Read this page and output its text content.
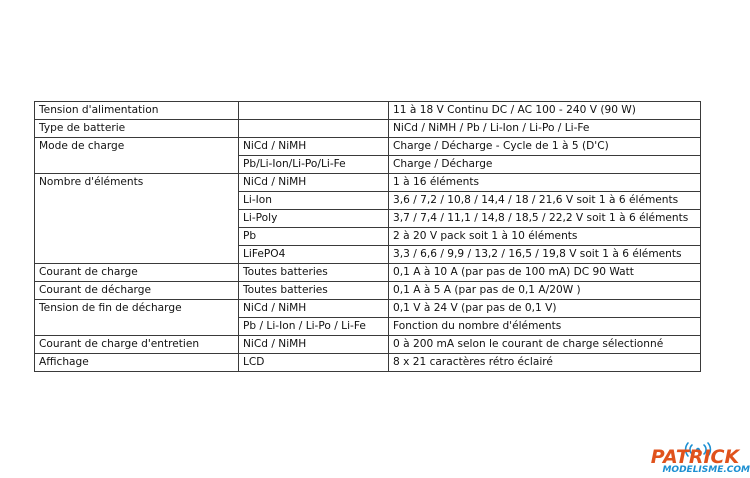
Tension d'alimentation		11 à 18 V Continu DC / AC 100 - 240 V (90 W)
Type de batterie		NiCd / NiMH / Pb / Li-Ion / Li-Po / Li-Fe
Mode de charge	NiCd / NiMH	Charge / Décharge - Cycle de 1 à 5 (D'C)
	Pb/Li-Ion/Li-Po/Li-Fe	Charge / Décharge
Nombre d'éléments	NiCd / NiMH	1 à 16 éléments
	Li-Ion	3,6 / 7,2 / 10,8 / 14,4 / 18 / 21,6 V soit 1 à 6 éléments
	Li-Poly	3,7 / 7,4 / 11,1 / 14,8 / 18,5 / 22,2 V soit 1 à 6 éléments
	Pb	2 à 20 V pack soit 1 à 10 éléments
	LiFePO4	3,3 / 6,6 / 9,9 / 13,2 / 16,5 / 19,8 V soit 1 à 6 éléments
Courant de charge	Toutes batteries	0,1 A à 10 A (par pas de 100 mA) DC 90 Watt
Courant de décharge	Toutes batteries	0,1 A à 5 A (par pas de 0,1 A/20W )
Tension de fin de décharge	NiCd / NiMH	0,1 V à 24 V (par pas de 0,1 V)
	Pb / Li-Ion / Li-Po / Li-Fe	Fonction du nombre d'éléments
Courant de charge d'entretien	NiCd / NiMH	0 à 200 mA selon le courant de charge sélectionné
Affichage	LCD	8 x 21 caractères rétro éclairé
PATRICK
MODELISME.COM
